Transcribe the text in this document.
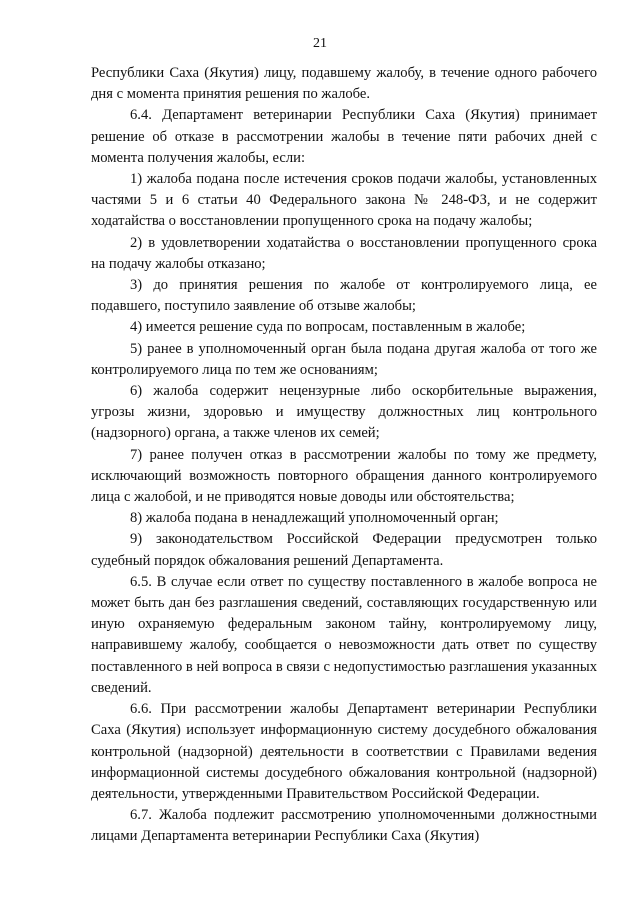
21

Республики Саха (Якутия) лицу, подавшему жалобу, в течение одного рабочего дня с момента принятия решения по жалобе.

6.4. Департамент ветеринарии Республики Саха (Якутия) принимает решение об отказе в рассмотрении жалобы в течение пяти рабочих дней с момента получения жалобы, если:

1) жалоба подана после истечения сроков подачи жалобы, установленных частями 5 и 6 статьи 40 Федерального закона № 248-ФЗ, и не содержит ходатайства о восстановлении пропущенного срока на подачу жалобы;

2) в удовлетворении ходатайства о восстановлении пропущенного срока на подачу жалобы отказано;

3) до принятия решения по жалобе от контролируемого лица, ее подавшего, поступило заявление об отзыве жалобы;

4) имеется решение суда по вопросам, поставленным в жалобе;

5) ранее в уполномоченный орган была подана другая жалоба от того же контролируемого лица по тем же основаниям;

6) жалоба содержит нецензурные либо оскорбительные выражения, угрозы жизни, здоровью и имуществу должностных лиц контрольного (надзорного) органа, а также членов их семей;

7) ранее получен отказ в рассмотрении жалобы по тому же предмету, исключающий возможность повторного обращения данного контролируемого лица с жалобой, и не приводятся новые доводы или обстоятельства;

8) жалоба подана в ненадлежащий уполномоченный орган;

9) законодательством Российской Федерации предусмотрен только судебный порядок обжалования решений Департамента.

6.5. В случае если ответ по существу поставленного в жалобе вопроса не может быть дан без разглашения сведений, составляющих государственную или иную охраняемую федеральным законом тайну, контролируемому лицу, направившему жалобу, сообщается о невозможности дать ответ по существу поставленного в ней вопроса в связи с недопустимостью разглашения указанных сведений.

6.6. При рассмотрении жалобы Департамент ветеринарии Республики Саха (Якутия) использует информационную систему досудебного обжалования контрольной (надзорной) деятельности в соответствии с Правилами ведения информационной системы досудебного обжалования контрольной (надзорной) деятельности, утвержденными Правительством Российской Федерации.

6.7. Жалоба подлежит рассмотрению уполномоченными должностными лицами Департамента ветеринарии Республики Саха (Якутия)
